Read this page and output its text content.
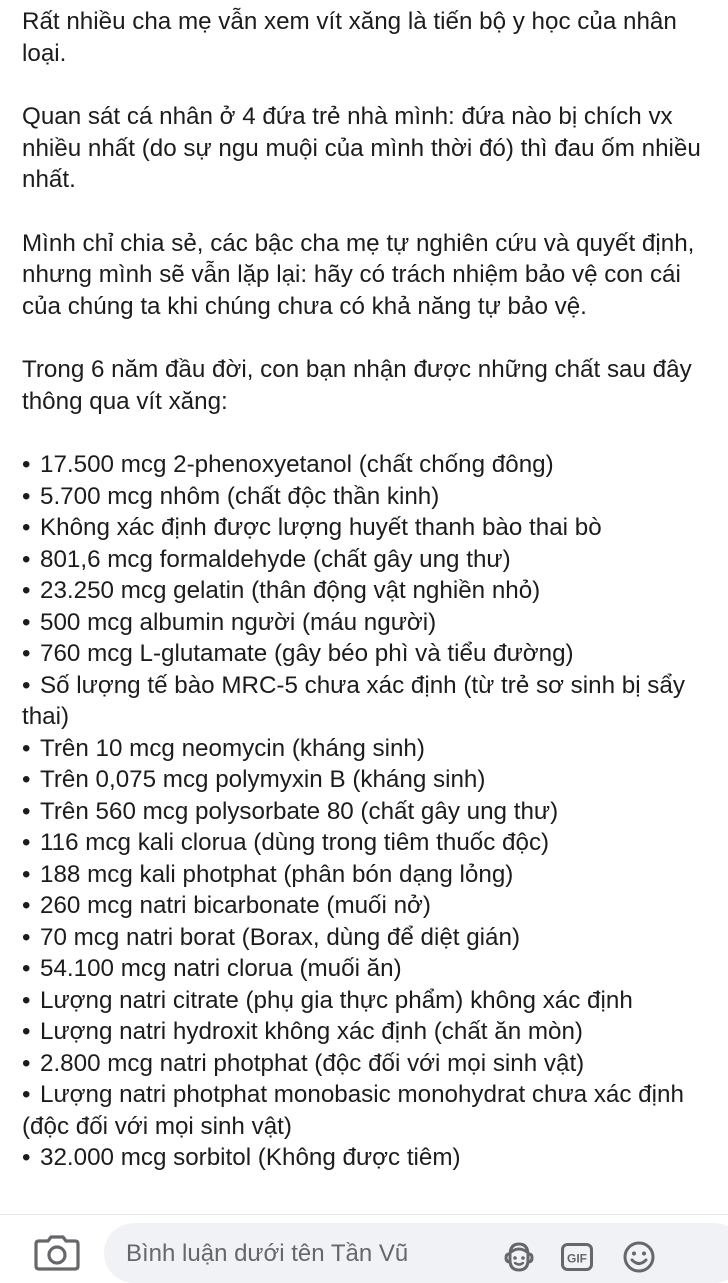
Rất nhiều cha mẹ vẫn xem vít xăng là tiến bộ y học của nhân loại.

Quan sát cá nhân ở 4 đứa trẻ nhà mình: đứa nào bị chích vx nhiều nhất (do sự ngu muội của mình thời đó) thì đau ốm nhiều nhất.

Mình chỉ chia sẻ, các bậc cha mẹ tự nghiên cứu và quyết định, nhưng mình sẽ vẫn lặp lại: hãy có trách nhiệm bảo vệ con cái của chúng ta khi chúng chưa có khả năng tự bảo vệ.

Trong 6 năm đầu đời, con bạn nhận được những chất sau đây thông qua vít xăng:

• 17.500 mcg 2-phenoxyetanol (chất chống đông)
• 5.700 mcg nhôm (chất độc thần kinh)
• Không xác định được lượng huyết thanh bào thai bò
• 801,6 mcg formaldehyde (chất gây ung thư)
• 23.250 mcg gelatin (thân động vật nghiền nhỏ)
• 500 mcg albumin người (máu người)
• 760 mcg L-glutamate (gây béo phì và tiểu đường)
• Số lượng tế bào MRC-5 chưa xác định (từ trẻ sơ sinh bị sẩy thai)
• Trên 10 mcg neomycin (kháng sinh)
• Trên 0,075 mcg polymyxin B (kháng sinh)
• Trên 560 mcg polysorbate 80 (chất gây ung thư)
• 116 mcg kali clorua (dùng trong tiêm thuốc độc)
• 188 mcg kali photphat (phân bón dạng lỏng)
• 260 mcg natri bicarbonate (muối nở)
• 70 mcg natri borat (Borax, dùng để diệt gián)
• 54.100 mcg natri clorua (muối ăn)
• Lượng natri citrate (phụ gia thực phẩm) không xác định
• Lượng natri hydroxit không xác định (chất ăn mòn)
• 2.800 mcg natri photphat (độc đối với mọi sinh vật)
• Lượng natri photphat monobasic monohydrat chưa xác định (độc đối với mọi sinh vật)
• 32.000 mcg sorbitol (Không được tiêm)
Bình luận dưới tên Tần Vũ	GIF
